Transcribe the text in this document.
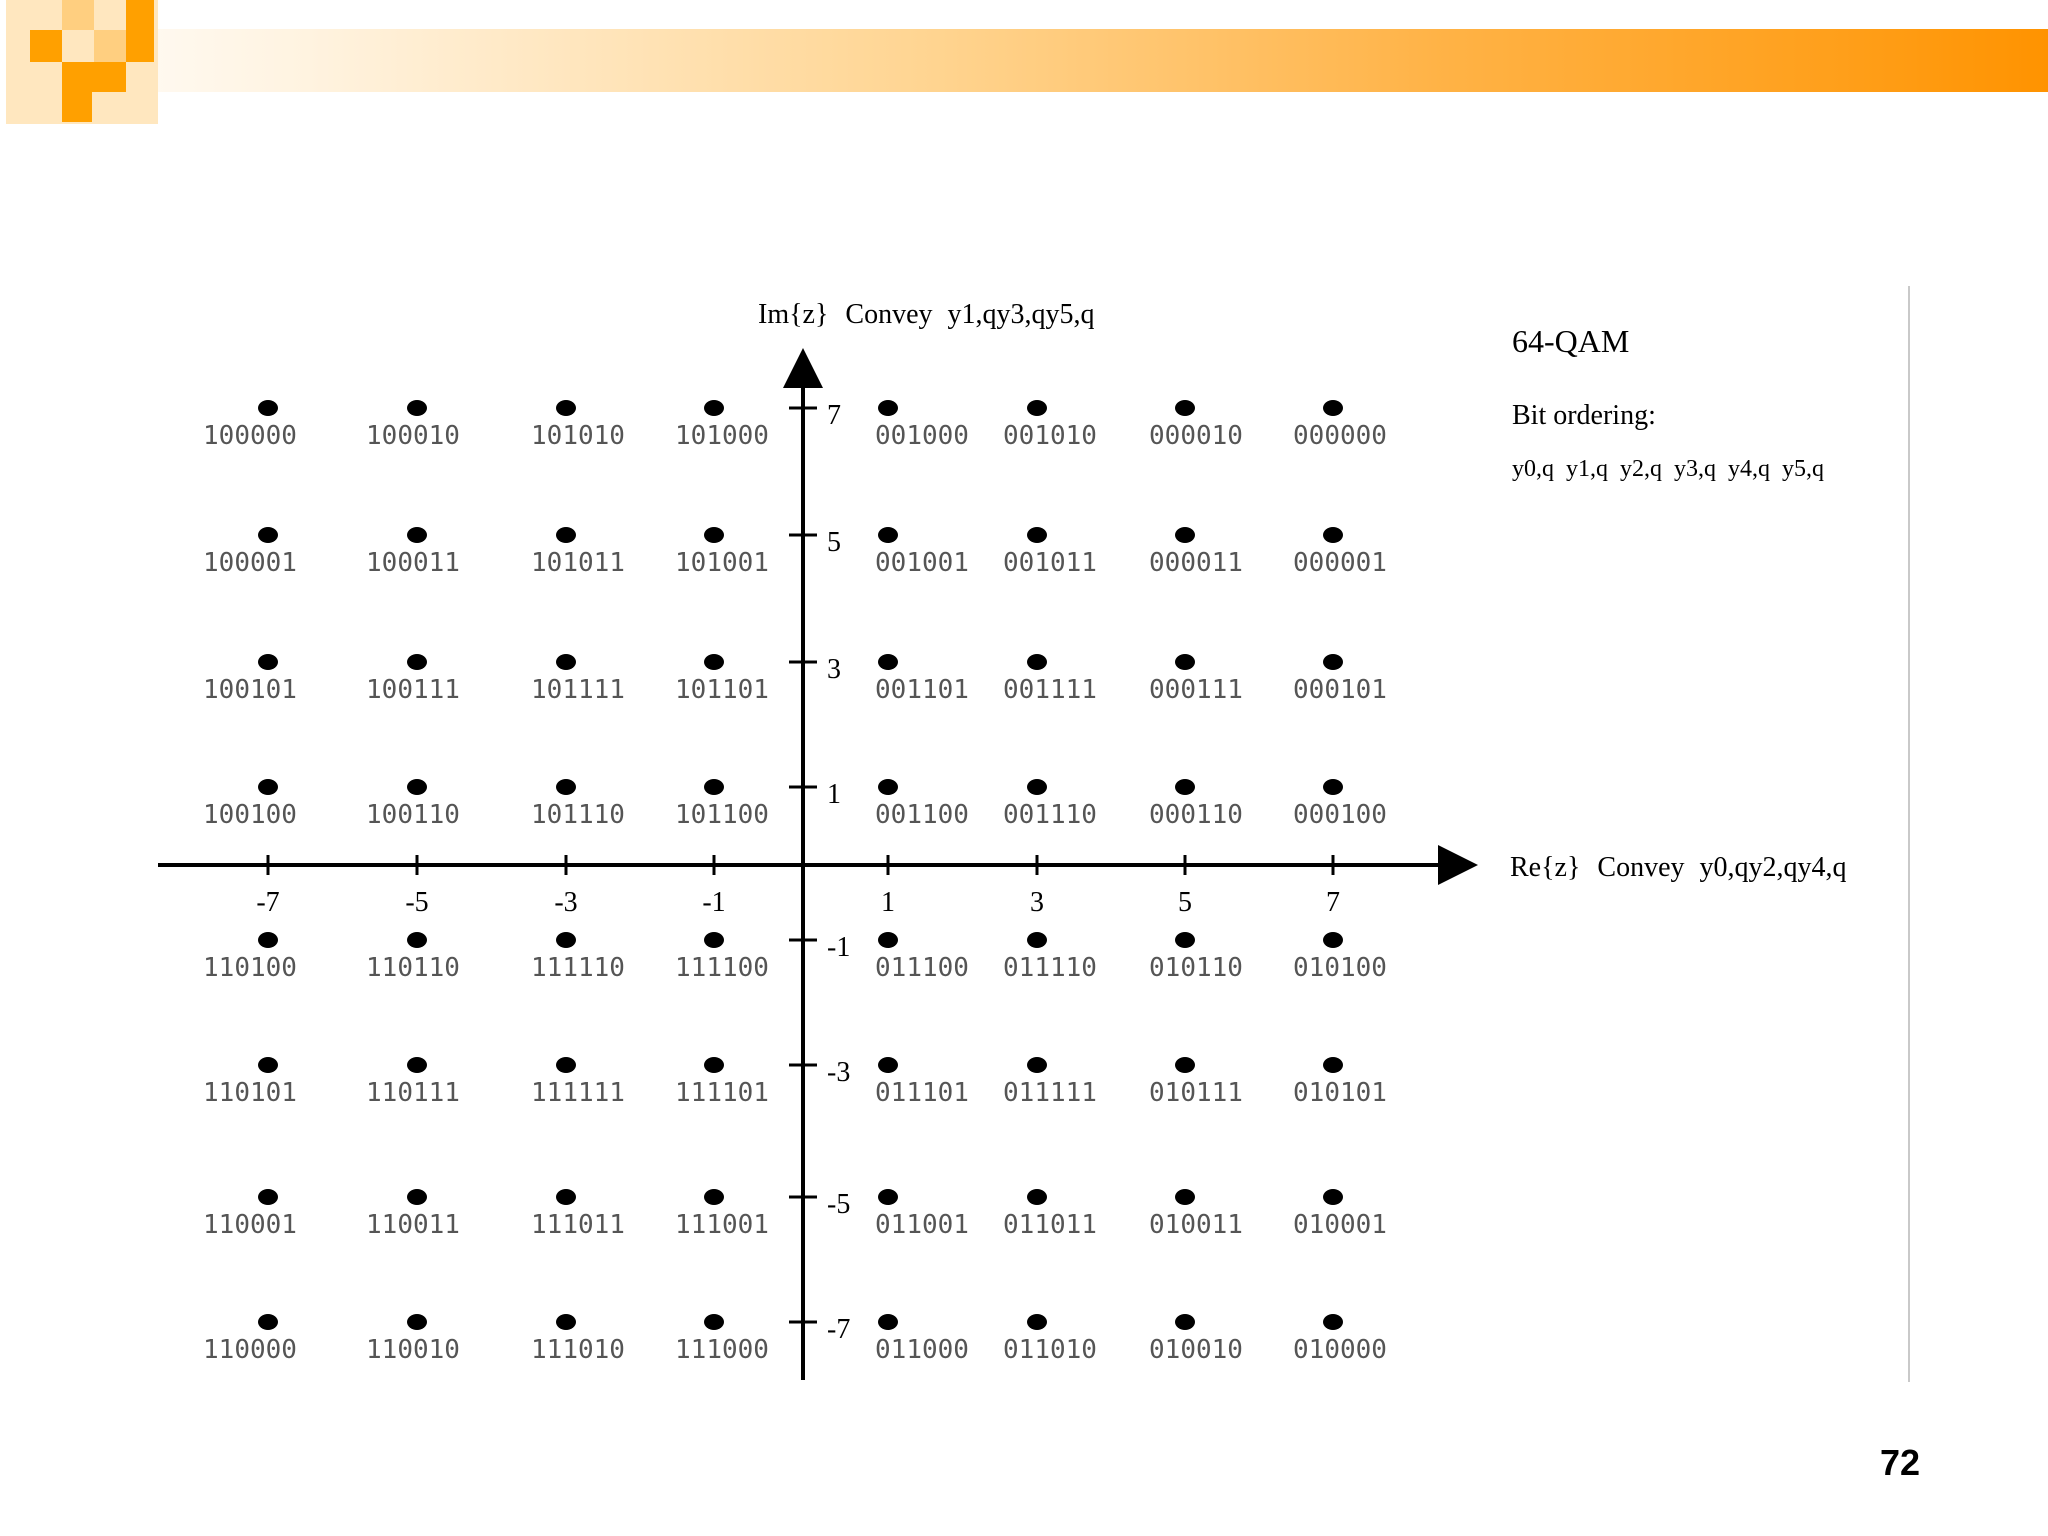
-7	-5	-3	-1	1	3	5	7
7
5
3
1
-1
-3
-5
-7
100000	100010	101010 101000	001000 001010 000010 000000
100001	100011	101011 101001	001001 001011 000011 000001
100101	100111	101111 101101	001101 001111 000111 000101
100100	100110	101110 101100	001100 001110 000110 000100
110100	110110	111110 111100	011100 011110 010110 010100
110101	110111	111111 111101	011101 011111 010111 010101
110001	110011	111011 111001	011001 011011 010011 010001
110000	110010	111010 111000	011000 011010 010010 010000
Im{z} Convey y1,qy3,qy5,q
Re{z} Convey y0,qy2,qy4,q
64-QAM
Bit ordering:
y0,q y1,q y2,q y3,q y4,q y5,q
72
